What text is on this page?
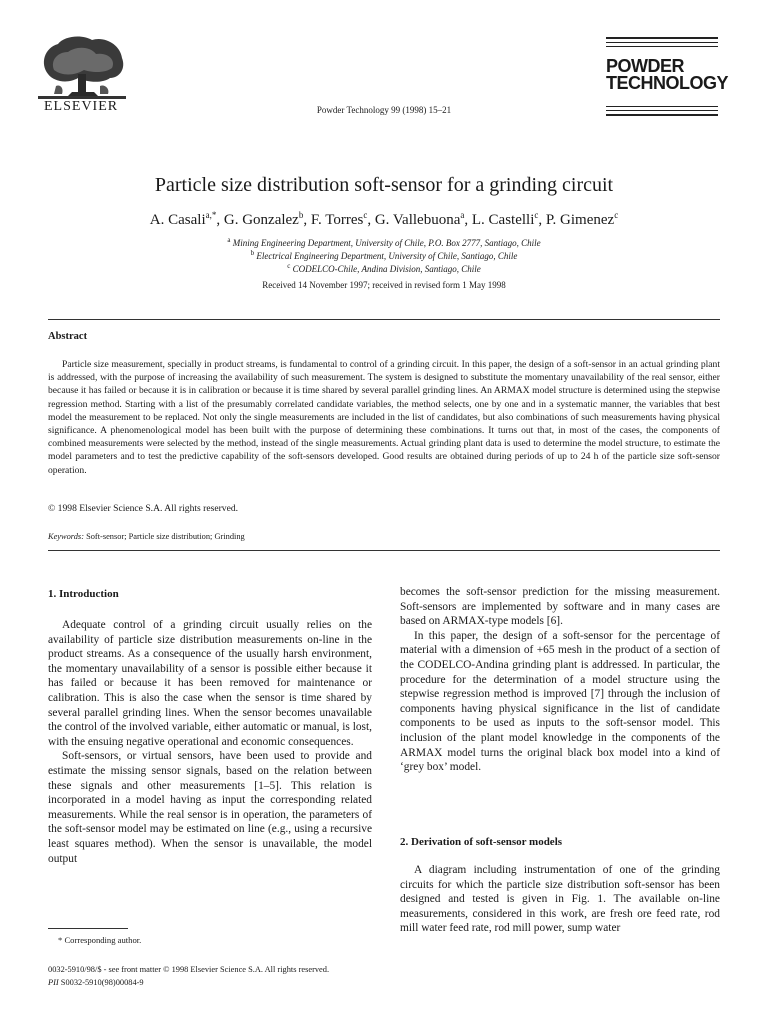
ELSEVIER	Powder Technology 99 (1998) 15–21
POWDER
TECHNOLOGY
Particle size distribution soft-sensor for a grinding circuit
A. Casali$^{a,*}$, G. Gonzalez$^b$, F. Torres$^c$, G. Vallebuona$^a$, L. Castelli$^c$, P. Gimenez$^c$
$^a$ Mining Engineering Department, University of Chile, P.O. Box 2777, Santiago, Chile
$^b$ Electrical Engineering Department, University of Chile, Santiago, Chile
$^c$ CODELCO-Chile, Andina Division, Santiago, Chile
Received 14 November 1997; received in revised form 1 May 1998
Abstract
Particle size measurement, specially in product streams, is fundamental to control of a grinding circuit. In this paper, the design of a soft-sensor in an actual grinding plant is addressed, with the purpose of increasing the availability of such measurement. The system is designed to substitute the momentary unavailability of the real sensor, either because it has failed or because it is in calibration or because it is time shared by several parallel grinding lines. An ARMAX model structure is determined using the stepwise regression method. Starting with a list of the presumably correlated candidate variables, the method selects, one by one and in a systematic manner, the variables that best model the measurement to be replaced. Not only the single measurements are included in the list of candidates, but also combinations of such measurements having physical significance. A phenomenological model has been built with the purpose of determining these combinations. It turns out that, in most of the cases, the components of combined measurements were selected by the method, instead of the single measurements. Actual grinding plant data is used to determine the model structure, to estimate the model parameters and to test the predictive capability of the soft-sensors developed. Good results are obtained during periods of up to 24 h of the particle size soft-sensor operation.
© 1998 Elsevier Science S.A. All rights reserved.
Keywords: Soft-sensor; Particle size distribution; Grinding
1. Introduction

Adequate control of a grinding circuit usually relies on the availability of particle size distribution measurements on-line in the product streams. As a consequence of the usually harsh environment, the momentary unavailability of a sensor is possible either because it has failed or because it has been removed for maintenance or calibration. This is also the case when the sensor is time shared by several parallel grinding lines. When the sensor becomes unavailable the control of the involved variable, either automatic or manual, is lost, with the ensuing negative operational and economic consequences.

Soft-sensors, or virtual sensors, have been used to provide and estimate the missing sensor signals, based on the relation between these signals and other measurements [1–5]. This relation is incorporated in a model having as input the corresponding related measurements. While the real sensor is in operation, the parameters of the soft-sensor model may be estimated on line (e.g., using a recursive least squares method). When the sensor is unavailable, the model output

becomes the soft-sensor prediction for the missing measurement. Soft-sensors are implemented by software and in many cases are based on ARMAX-type models [6].

In this paper, the design of a soft-sensor for the percentage of material with a dimension of +65 mesh in the product of a section of the CODELCO-Andina grinding plant is addressed. In particular, the procedure for the determination of a model structure using the stepwise regression method is improved [7] through the inclusion of components having physical significance in the list of candidate components to be used as inputs to the soft-sensor model. This inclusion of the plant model knowledge in the components of the ARMAX model turns the original black box model into a kind of ‘grey box’ model.

2. Derivation of soft-sensor models

A diagram including instrumentation of one of the grinding circuits for which the particle size distribution soft-sensor has been designed and tested is given in Fig. 1. The available on-line measurements, considered in this work, are fresh ore feed rate, rod mill water feed rate, rod mill power, sump water

* Corresponding author.
0032-5910/98/$ - see front matter © 1998 Elsevier Science S.A. All rights reserved.
PII S0032-5910(98)00084-9
